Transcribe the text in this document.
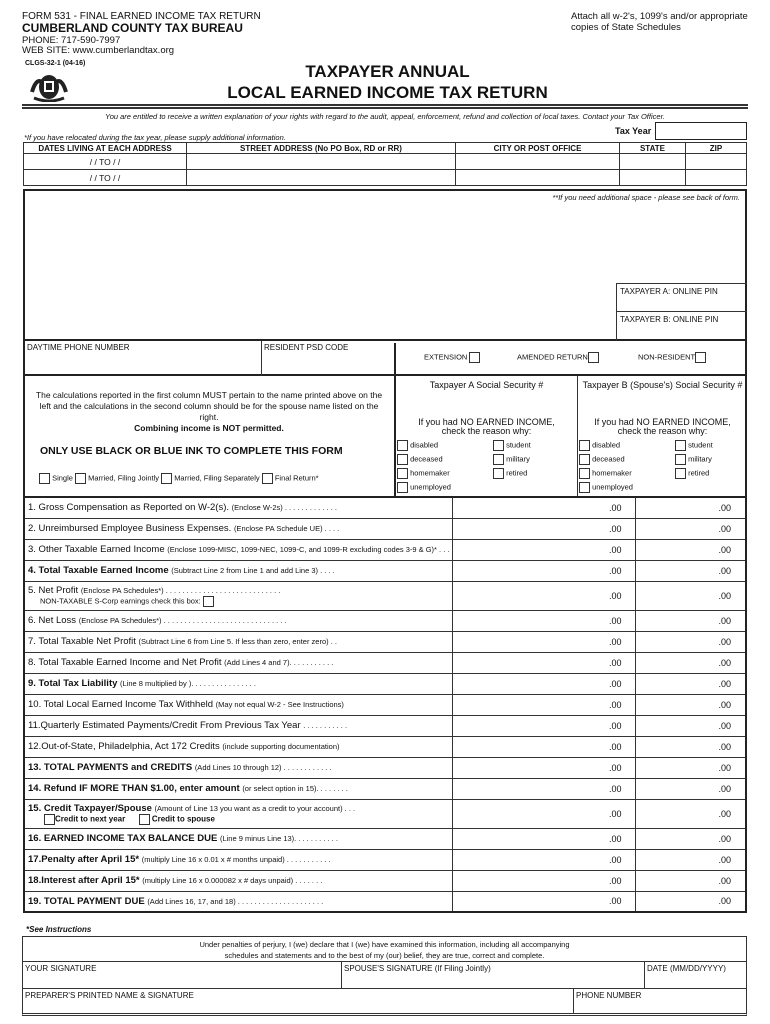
FORM 531 - FINAL EARNED INCOME TAX RETURN
CUMBERLAND COUNTY TAX BUREAU
PHONE: 717-590-7997
WEB SITE: www.cumberlandtax.org
CLGS-32-1 (04-16)
Attach all w-2's, 1099's and/or appropriate
copies of State Schedules
TAXPAYER ANNUAL
LOCAL EARNED INCOME TAX RETURN
You are entitled to receive a written explanation of your rights with regard to the audit, appeal, enforcement, refund and collection of local taxes. Contact your Tax Officer.
Tax Year
*If you have relocated during the tax year, please supply additional information.
DATES LIVING AT EACH ADDRESS	STREET ADDRESS (No PO Box, RD or RR)	CITY OR POST OFFICE	STATE	ZIP
/ / TO / /				
/ / TO / /				
**If you need additional space - please see back of form.
TAXPAYER A: ONLINE PIN
TAXPAYER B: ONLINE PIN
DAYTIME PHONE NUMBER	RESIDENT PSD CODE
EXTENSION	AMENDED RETURN	NON-RESIDENT
The calculations reported in the first column MUST pertain to the name printed above on the left and the calculations in the second column should be for the spouse name listed on the right.
Combining income is NOT permitted.
ONLY USE BLACK OR BLUE INK TO COMPLETE THIS FORM
Single Married, Filing Jointly Married, Filing Separately Final Return*
Taxpayer A Social Security #	Taxpayer B (Spouse's) Social Security #
If you had NO EARNED INCOME,
check the reason why:
If you had NO EARNED INCOME,
check the reason why:
disabled	student
deceased	military
homemaker	retired
unemployed
disabled	student
deceased	military
homemaker	retired
unemployed
1. Gross Compensation as Reported on W-2(s). (Enclose W-2s) . . . . . . . . . . . . .	.00	.00
2. Unreimbursed Employee Business Expenses. (Enclose PA Schedule UE) . . . .	.00	.00
3. Other Taxable Earned Income (Enclose 1099-MISC, 1099-NEC, 1099-C, and 1099-R excluding codes 3-9 & G)* . . .	.00	.00
4. Total Taxable Earned Income (Subtract Line 2 from Line 1 and add Line 3) . . . .	.00	.00
5. Net Profit (Enclose PA Schedules*) . . . . . . . . . . . . . . . . . . . . . . . . . . . .
NON-TAXABLE S-Corp earnings check this box:	.00	.00
6. Net Loss (Enclose PA Schedules*) . . . . . . . . . . . . . . . . . . . . . . . . . . . . . .	.00	.00
7. Total Taxable Net Profit (Subtract Line 6 from Line 5. If less than zero, enter zero) . .	.00	.00
8. Total Taxable Earned Income and Net Profit (Add Lines 4 and 7). . . . . . . . . . .	.00	.00
9. Total Tax Liability (Line 8 multiplied by ). . . . . . . . . . . . . . . .	.00	.00
10. Total Local Earned Income Tax Withheld (May not equal W-2 - See Instructions)	.00	.00
11.Quarterly Estimated Payments/Credit From Previous Tax Year . . . . . . . . . . .	.00	.00
12.Out-of-State, Philadelphia, Act 172 Credits (include supporting documentation)	.00	.00
13. TOTAL PAYMENTS and CREDITS (Add Lines 10 through 12) . . . . . . . . . . . .	.00	.00
14. Refund IF MORE THAN $1.00, enter amount (or select option in 15). . . . . . . .	.00	.00
15. Credit Taxpayer/Spouse (Amount of Line 13 you want as a credit to your account) . . .
Credit to next year Credit to spouse	.00	.00
16. EARNED INCOME TAX BALANCE DUE (Line 9 minus Line 13). . . . . . . . . . .	.00	.00
17.Penalty after April 15* (multiply Line 16 x 0.01 x # months unpaid) . . . . . . . . . . .	.00	.00
18.Interest after April 15* (multiply Line 16 x 0.000082 x # days unpaid) . . . . . . .	.00	.00
19. TOTAL PAYMENT DUE (Add Lines 16, 17, and 18) . . . . . . . . . . . . . . . . . . . . .	.00	.00
*See Instructions
Under penalties of perjury, I (we) declare that I (we) have examined this information, including all accompanying
schedules and statements and to the best of my (our) belief, they are true, correct and complete.
YOUR SIGNATURE	SPOUSE'S SIGNATURE (If Filing Jointly)	DATE (MM/DD/YYYY)
PREPARER'S PRINTED NAME & SIGNATURE	PHONE NUMBER
